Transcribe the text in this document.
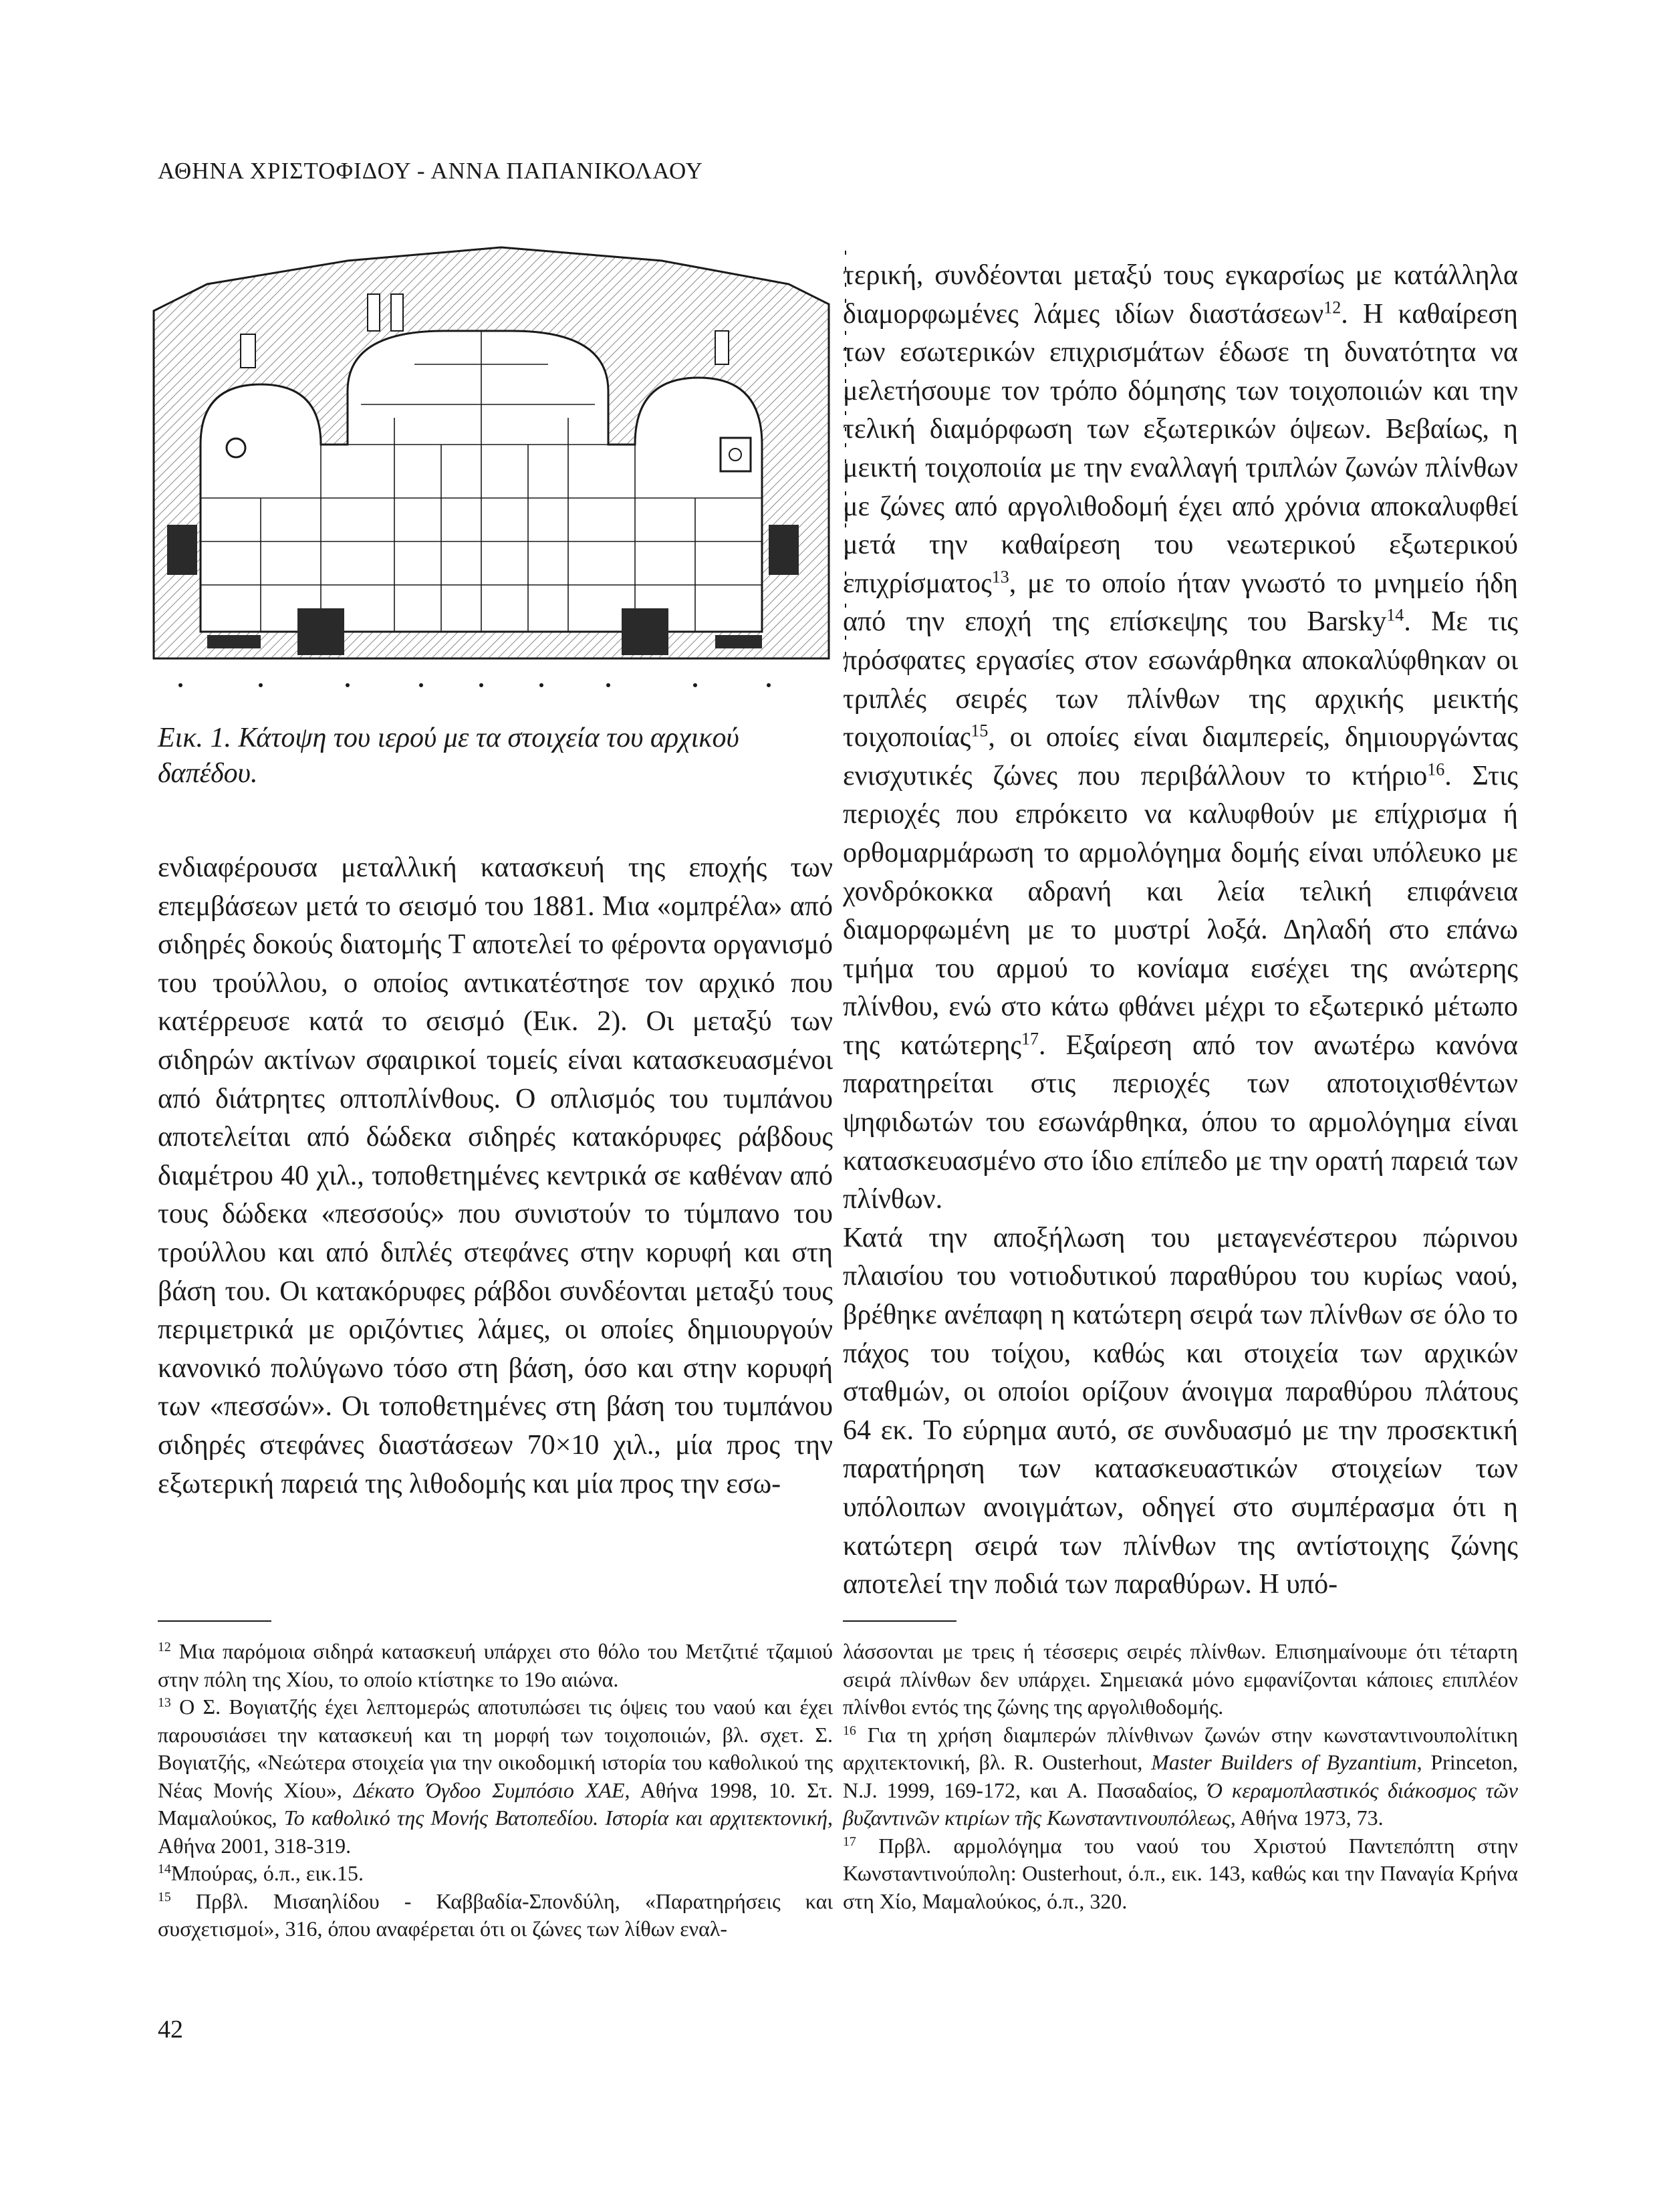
ΑΘΗΝΑ ΧΡΙΣΤΟΦΙΔΟΥ - ΑΝΝΑ ΠΑΠΑΝΙΚΟΛΑΟΥ
Εικ. 1. Κάτοψη του ιερού με τα στοιχεία του αρχικού δαπέδου.

ενδιαφέρουσα μεταλλική κατασκευή της εποχής των επεμβάσεων μετά το σεισμό του 1881. Μια «ομπρέλα» από σιδηρές δοκούς διατομής Τ αποτελεί το φέροντα οργανισμό του τρούλλου, ο οποίος αντικατέστησε τον αρχικό που κατέρρευσε κατά το σεισμό (Εικ. 2). Οι μεταξύ των σιδηρών ακτίνων σφαιρικοί τομείς είναι κατασκευασμένοι από διάτρητες οπτοπλίνθους. Ο οπλισμός του τυμπάνου αποτελείται από δώδεκα σιδηρές κατακόρυφες ράβδους διαμέτρου 40 χιλ., τοποθετημένες κεντρικά σε καθέναν από τους δώδεκα «πεσσούς» που συνιστούν το τύμπανο του τρούλλου και από διπλές στεφάνες στην κορυφή και στη βάση του. Οι κατακόρυφες ράβδοι συνδέονται μεταξύ τους περιμετρικά με οριζόντιες λάμες, οι οποίες δημιουργούν κανονικό πολύγωνο τόσο στη βάση, όσο και στην κορυφή των «πεσσών». Οι τοποθετημένες στη βάση του τυμπάνου σιδηρές στεφάνες διαστάσεων 70×10 χιλ., μία προς την εξωτερική παρειά της λιθοδομής και μία προς την εσω-

τερική, συνδέονται μεταξύ τους εγκαρσίως με κατάλληλα διαμορφωμένες λάμες ιδίων διαστάσεων$^{12}$. Η καθαίρεση των εσωτερικών επιχρισμάτων έδωσε τη δυνατότητα να μελετήσουμε τον τρόπο δόμησης των τοιχοποιιών και την τελική διαμόρφωση των εξωτερικών όψεων. Βεβαίως, η μεικτή τοιχοποιία με την εναλλαγή τριπλών ζωνών πλίνθων με ζώνες από αργολιθοδομή έχει από χρόνια αποκαλυφθεί μετά την καθαίρεση του νεωτερικού εξωτερικού επιχρίσματος$^{13}$, με το οποίο ήταν γνωστό το μνημείο ήδη από την εποχή της επίσκεψης του Barsky$^{14}$. Με τις πρόσφατες εργασίες στον εσωνάρθηκα αποκαλύφθηκαν οι τριπλές σειρές των πλίνθων της αρχικής μεικτής τοιχοποιίας$^{15}$, οι οποίες είναι διαμπερείς, δημιουργώντας ενισχυτικές ζώνες που περιβάλλουν το κτήριο$^{16}$. Στις περιοχές που επρόκειτο να καλυφθούν με επίχρισμα ή ορθομαρμάρωση το αρμολόγημα δομής είναι υπόλευκο με χονδρόκοκκα αδρανή και λεία τελική επιφάνεια διαμορφωμένη με το μυστρί λοξά. Δηλαδή στο επάνω τμήμα του αρμού το κονίαμα εισέχει της ανώτερης πλίνθου, ενώ στο κάτω φθάνει μέχρι το εξωτερικό μέτωπο της κατώτερης$^{17}$. Εξαίρεση από τον ανωτέρω κανόνα παρατηρείται στις περιοχές των αποτοιχισθέντων ψηφιδωτών του εσωνάρθηκα, όπου το αρμολόγημα είναι κατασκευασμένο στο ίδιο επίπεδο με την ορατή παρειά των πλίνθων.

Κατά την αποξήλωση του μεταγενέστερου πώρινου πλαισίου του νοτιοδυτικού παραθύρου του κυρίως ναού, βρέθηκε ανέπαφη η κατώτερη σειρά των πλίνθων σε όλο το πάχος του τοίχου, καθώς και στοιχεία των αρχικών σταθμών, οι οποίοι ορίζουν άνοιγμα παραθύρου πλάτους 64 εκ. Το εύρημα αυτό, σε συνδυασμό με την προσεκτική παρατήρηση των κατασκευαστικών στοιχείων των υπόλοιπων ανοιγμάτων, οδηγεί στο συμπέρασμα ότι η κατώτερη σειρά των πλίνθων της αντίστοιχης ζώνης αποτελεί την ποδιά των παραθύρων. Η υπό-

$^{12}$ Μια παρόμοια σιδηρά κατασκευή υπάρχει στο θόλο του Μετζιτιέ τζαμιού στην πόλη της Χίου, το οποίο κτίστηκε το 19ο αιώνα.

$^{13}$ Ο Σ. Βογιατζής έχει λεπτομερώς αποτυπώσει τις όψεις του ναού και έχει παρουσιάσει την κατασκευή και τη μορφή των τοιχοποιιών, βλ. σχετ. Σ. Βογιατζής, «Νεώτερα στοιχεία για την οικοδομική ιστορία του καθολικού της Νέας Μονής Χίου», Δέκατο Όγδοο Συμπόσιο ΧΑΕ, Αθήνα 1998, 10. Στ. Μαμαλούκος, Το καθολικό της Μονής Βατοπεδίου. Ιστορία και αρχιτεκτονική, Αθήνα 2001, 318-319.

$^{14}$Μπούρας, ό.π., εικ.15.

$^{15}$ Πρβλ. Μισαηλίδου - Καββαδία-Σπονδύλη, «Παρατηρήσεις και συσχετισμοί», 316, όπου αναφέρεται ότι οι ζώνες των λίθων εναλ-

λάσσονται με τρεις ή τέσσερις σειρές πλίνθων. Επισημαίνουμε ότι τέταρτη σειρά πλίνθων δεν υπάρχει. Σημειακά μόνο εμφανίζονται κάποιες επιπλέον πλίνθοι εντός της ζώνης της αργολιθοδομής.

$^{16}$ Για τη χρήση διαμπερών πλίνθινων ζωνών στην κωνσταντινουπολίτικη αρχιτεκτονική, βλ. R. Ousterhout, Master Builders of Byzantium, Princeton, N.J. 1999, 169-172, και A. Πασαδαίος, Ό κεραμοπλαστικός διάκοσμος τῶν βυζαντινῶν κτιρίων τῆς Κωνσταντινουπόλεως, Αθήνα 1973, 73.

$^{17}$ Πρβλ. αρμολόγημα του ναού του Χριστού Παντεπόπτη στην Κωνσταντινούπολη: Ousterhout, ό.π., εικ. 143, καθώς και την Παναγία Κρήνα στη Χίο, Μαμαλούκος, ό.π., 320.

42
